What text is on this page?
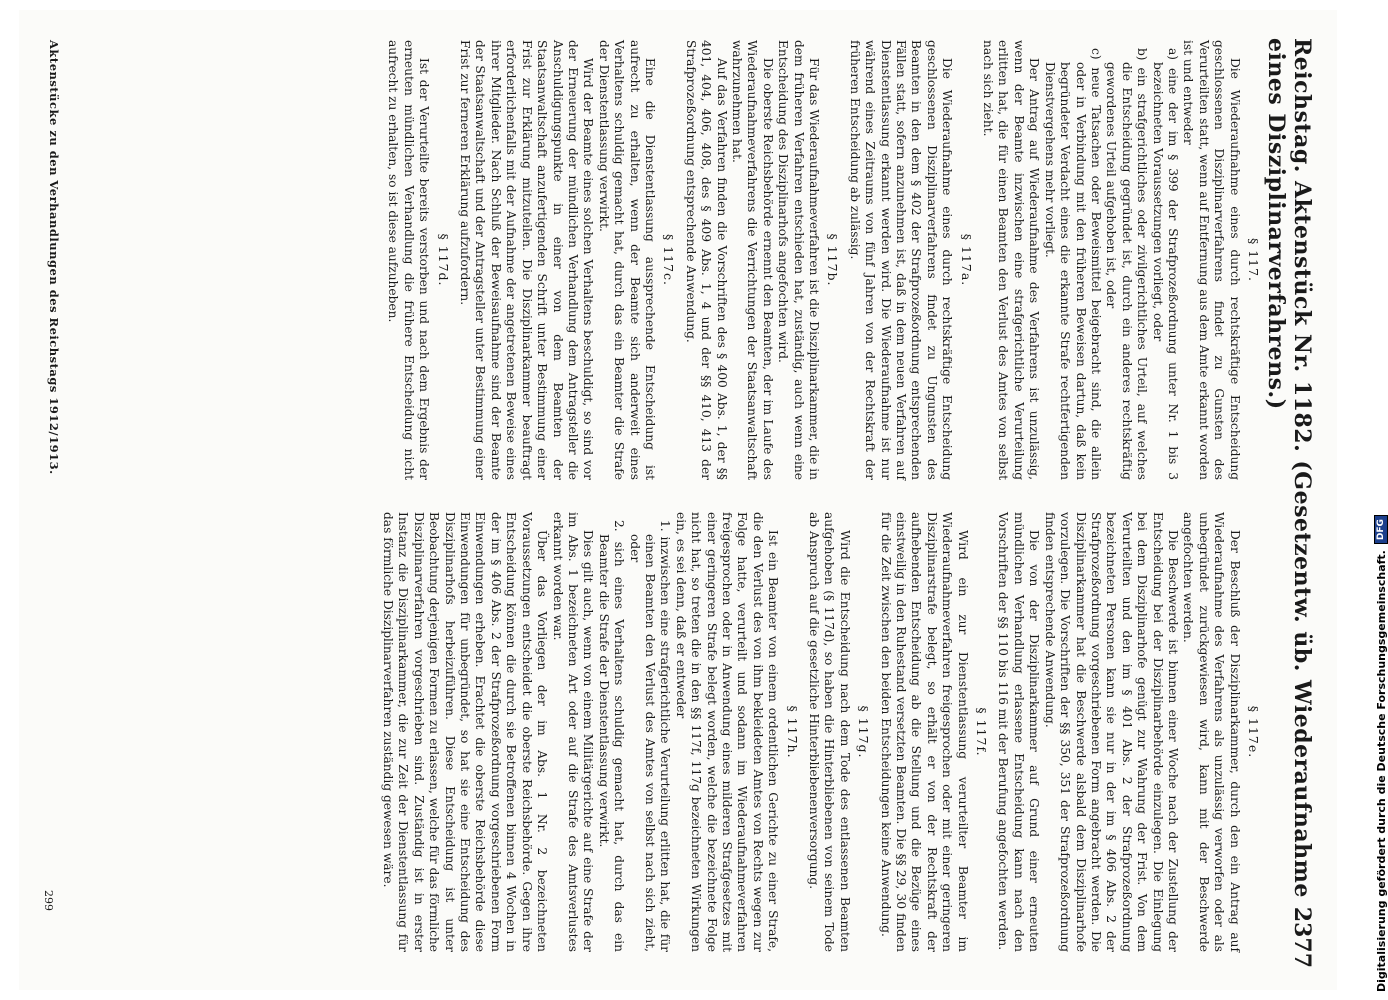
Reichstag. Aktenstück Nr. 1182. (Gesetzentw. üb. Wiederaufnahme eines Disziplinarverfahrens.)
2377
§ 117.

Die Wiederaufnahme eines durch rechtskräftige Entscheidung geschlossenen Disziplinarverfahrens findet zu Gunsten des Verurteilten statt, wenn auf Entfernung aus dem Amte erkannt worden ist und entweder

a) eine der im § 399 der Strafprozeßordnung unter Nr. 1 bis 3 bezeichneten Voraussetzungen vorliegt, oder

b) ein strafgerichtliches oder zivilgerichtliches Urteil, auf welches die Entscheidung gegründet ist, durch ein anderes rechtskräftig gewordenes Urteil aufgehoben ist, oder

c) neue Tatsachen oder Beweismittel beigebracht sind, die allein oder in Verbindung mit den früheren Beweisen dartun, daß kein begründeter Verdacht eines die erkannte Strafe rechtfertigenden Dienstvergehens mehr vorliegt.

Der Antrag auf Wiederaufnahme des Verfahrens ist unzulässig, wenn der Beamte inzwischen eine strafgerichtliche Verurteilung erlitten hat, die für einen Beamten den Verlust des Amtes von selbst nach sich zieht.

§ 117a.

Die Wiederaufnahme eines durch rechtskräftige Entscheidung geschlossenen Disziplinarverfahrens findet zu Ungunsten des Beamten in den dem § 402 der Strafprozeßordnung entsprechenden Fällen statt, sofern anzunehmen ist, daß in dem neuen Verfahren auf Dienstentlassung erkannt werden wird. Die Wiederaufnahme ist nur während eines Zeitraums von fünf Jahren von der Rechtskraft der früheren Entscheidung ab zulässig.

§ 117b.

Für das Wiederaufnahmeverfahren ist die Disziplinarkammer, die in dem früheren Verfahren entschieden hat, zuständig, auch wenn eine Entscheidung des Disziplinarhofs angefochten wird.

Die oberste Reichsbehörde ernennt den Beamten, der im Laufe des Wiederaufnahmeverfahrens die Verrichtungen der Staatsanwaltschaft wahrzunehmen hat.

Auf das Verfahren finden die Vorschriften des § 400 Abs. 1, der §§ 401, 404, 406, 408, des § 409 Abs. 1, 4 und der §§ 410, 413 der Strafprozeßordnung entsprechende Anwendung.

§ 117c.

Eine die Dienstentlassung aussprechende Entscheidung ist aufrecht zu erhalten, wenn der Beamte sich anderweit eines Verhaltens schuldig gemacht hat, durch das ein Beamter die Strafe der Dienstentlassung verwirkt.

Wird der Beamte eines solchen Verhaltens beschuldigt, so sind vor der Erneuerung der mündlichen Verhandlung dem Antragsteller die Anschuldigungspunkte in einer von dem Beamten der Staatsanwaltschaft anzufertigenden Schrift unter Bestimmung einer Frist zur Erklärung mitzuteilen. Die Disziplinarkammer beauftragt erforderlichenfalls mit der Aufnahme der angetretenen Beweise eines ihrer Mitglieder. Nach Schluß der Beweisaufnahme sind der Beamte der Staatsanwaltschaft und der Antragsteller unter Bestimmung einer Frist zur ferneren Erklärung aufzufordern.

§ 117d.

Ist der Verurteilte bereits verstorben und nach dem Ergebnis der erneuten mündlichen Verhandlung die frühere Entscheidung nicht aufrecht zu erhalten, so ist diese aufzuheben.

§ 117e.

Der Beschluß der Disziplinarkammer, durch den ein Antrag auf Wiederaufnahme des Verfahrens als unzulässig verworfen oder als unbegründet zurückgewiesen wird, kann mit der Beschwerde angefochten werden.

Die Beschwerde ist binnen einer Woche nach der Zustellung der Entscheidung bei der Disziplinarbehörde einzulegen. Die Einlegung bei dem Disziplinarhofe genügt zur Wahrung der Frist. Von dem Verurteilten und den im § 401 Abs. 2 der Strafprozeßordnung bezeichneten Personen kann sie nur in der im § 406 Abs. 2 der Strafprozeßordnung vorgeschriebenen Form angebracht werden. Die Disziplinarkammer hat die Beschwerde alsbald dem Disziplinarhofe vorzulegen. Die Vorschriften der §§ 350, 351 der Strafprozeßordnung finden entsprechende Anwendung.

Die von der Disziplinarkammer auf Grund einer erneuten mündlichen Verhandlung erlassene Entscheidung kann nach den Vorschriften der §§ 110 bis 116 mit der Berufung angefochten werden.

§ 117f.

Wird ein zur Dienstentlassung verurteilter Beamter im Wiederaufnahmeverfahren freigesprochen oder mit einer geringeren Disziplinarstrafe belegt, so erhält er von der Rechtskraft der aufhebenden Entscheidung ab die Stellung und die Bezüge eines einstweilig in den Ruhestand versetzten Beamten. Die §§ 29, 30 finden für die Zeit zwischen den beiden Entscheidungen keine Anwendung.

§ 117g.

Wird die Entscheidung nach dem Tode des entlassenen Beamten aufgehoben (§ 117d), so haben die Hinterbliebenen von seinem Tode ab Anspruch auf die gesetzliche Hinterbliebenenversorgung.

§ 117h.

Ist ein Beamter von einem ordentlichen Gerichte zu einer Strafe, die den Verlust des von ihm bekleideten Amtes von Rechts wegen zur Folge hatte, verurteilt und sodann im Wiederaufnahmeverfahren freigesprochen oder in Anwendung eines milderen Strafgesetzes mit einer geringeren Strafe belegt worden, welche die bezeichnete Folge nicht hat, so treten die in den §§ 117f, 117g bezeichneten Wirkungen ein, es sei denn, daß er entweder

1. inzwischen eine strafgerichtliche Verurteilung erlitten hat, die für einen Beamten den Verlust des Amtes von selbst nach sich zieht, oder

2. sich eines Verhaltens schuldig gemacht hat, durch das ein Beamter die Strafe der Dienstentlassung verwirkt.

Dies gilt auch, wenn von einem Militärgerichte auf eine Strafe der im Abs. 1 bezeichneten Art oder auf die Strafe des Amtsverlustes erkannt worden war.

Über das Vorliegen der im Abs. 1 Nr. 2 bezeichneten Voraussetzungen entscheidet die oberste Reichsbehörde. Gegen ihre Entscheidung können die durch sie Betroffenen binnen 4 Wochen in der im § 406 Abs. 2 der Strafprozeßordnung vorgeschriebenen Form Einwendungen erheben. Erachtet die oberste Reichsbehörde diese Einwendungen für unbegründet, so hat sie eine Entscheidung des Disziplinarhofs herbeizuführen. Diese Entscheidung ist unter Beobachtung derjenigen Formen zu erlassen, welche für das förmliche Disziplinarverfahren vorgeschrieben sind. Zuständig ist in erster Instanz die Disziplinarkammer, die zur Zeit der Dienstentlassung für das förmliche Disziplinarverfahren zuständig gewesen wäre.

Aktenstücke zu den Verhandlungen des Reichstags 1912/1913.
299	Digitalisierung gefördert durch die Deutsche Forschungsgemeinschaft.
DFG
